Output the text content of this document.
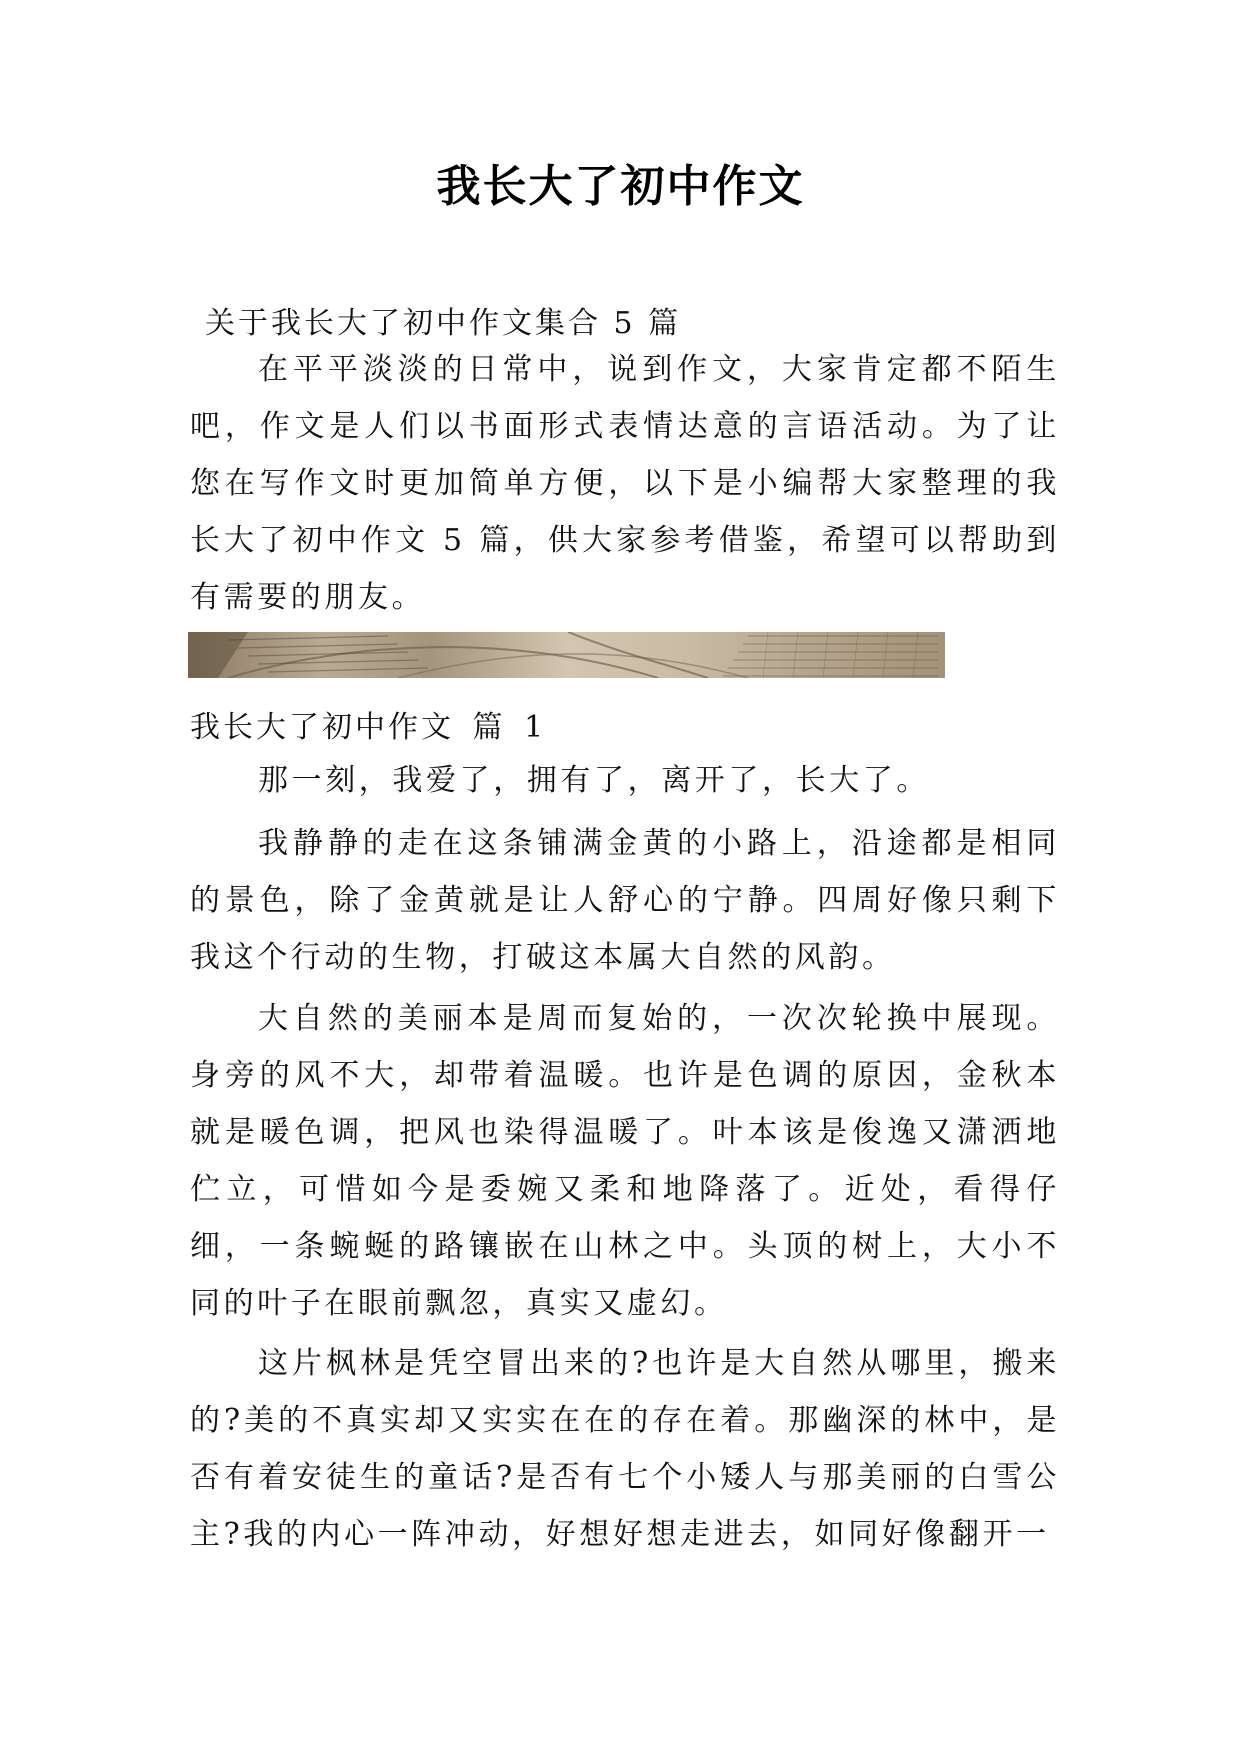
我长大了初中作文
关于我长大了初中作文集合 5 篇
在平平淡淡的日常中，说到作文，大家肯定都不陌生吧，作文是人们以书面形式表情达意的言语活动。为了让您在写作文时更加简单方便，以下是小编帮大家整理的我长大了初中作文 5 篇，供大家参考借鉴，希望可以帮助到有需要的朋友。
我长大了初中作文 篇 1
那一刻，我爱了，拥有了，离开了，长大了。
我静静的走在这条铺满金黄的小路上，沿途都是相同的景色，除了金黄就是让人舒心的宁静。四周好像只剩下我这个行动的生物，打破这本属大自然的风韵。
大自然的美丽本是周而复始的，一次次轮换中展现。身旁的风不大，却带着温暖。也许是色调的原因，金秋本就是暖色调，把风也染得温暖了。叶本该是俊逸又潇洒地伫立，可惜如今是委婉又柔和地降落了。近处，看得仔细，一条蜿蜒的路镶嵌在山林之中。头顶的树上，大小不同的叶子在眼前飘忽，真实又虚幻。
这片枫林是凭空冒出来的?也许是大自然从哪里，搬来的?美的不真实却又实实在在的存在着。那幽深的林中，是否有着安徒生的童话?是否有七个小矮人与那美丽的白雪公主?我的内心一阵冲动，好想好想走进去，如同好像翻开一
